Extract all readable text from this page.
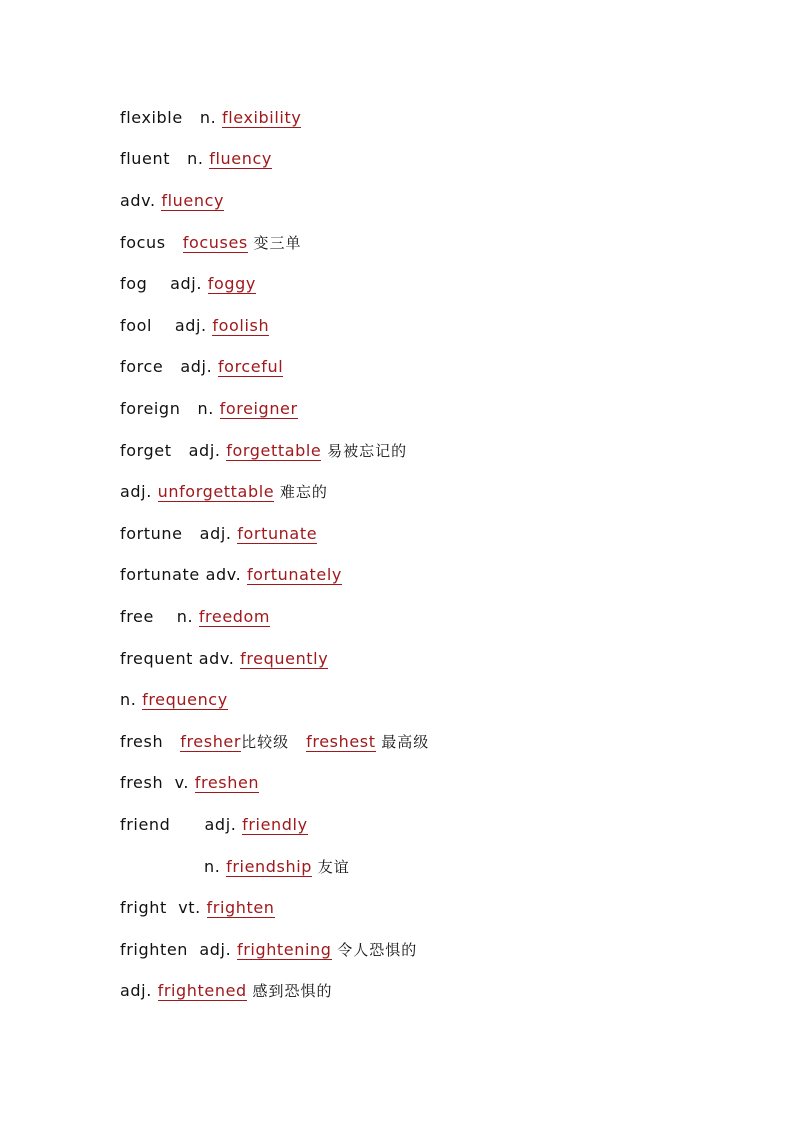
flexible n. flexibility
fluent n. fluency
adv. fluency
focus focuses 变三单
fog adj. foggy
fool adj. foolish
force adj. forceful
foreign n. foreigner
forget adj. forgettable 易被忘记的
adj. unforgettable 难忘的
fortune adj. fortunate
fortunate adv. fortunately
free n. freedom
frequent adv. frequently
n. frequency
fresh fresher比较级 freshest 最高级
fresh v. freshen
friend adj. friendly
n. friendship 友谊
fright vt. frighten
frighten adj. frightening 令人恐惧的
adj. frightened 感到恐惧的
